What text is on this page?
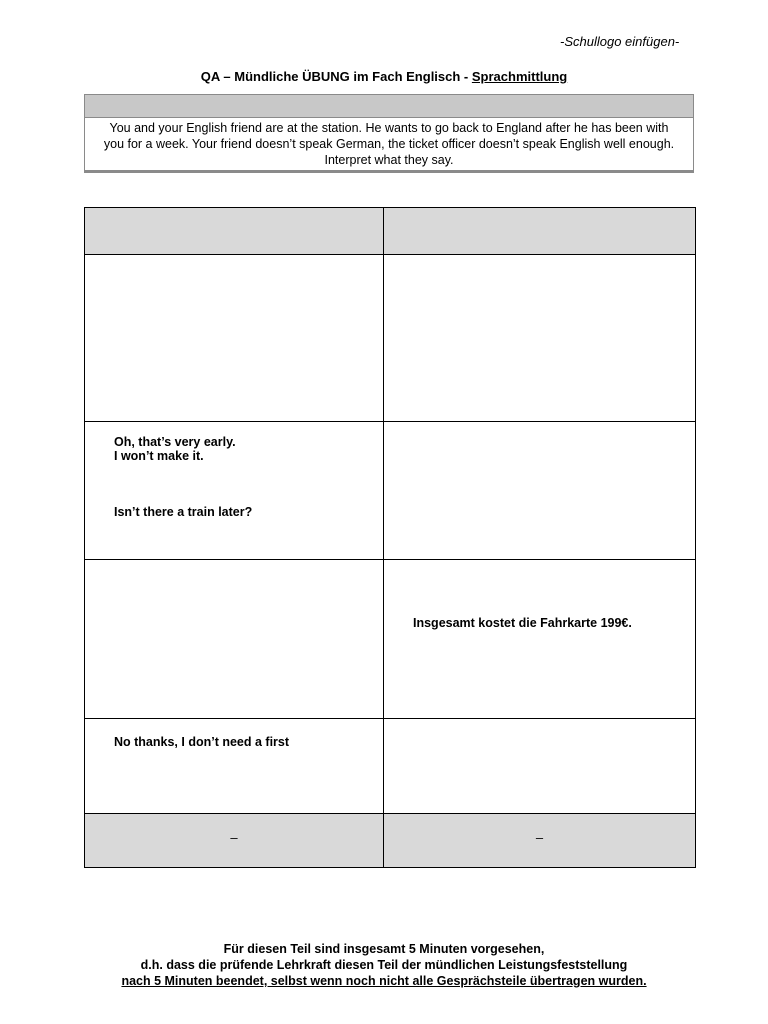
-Schullogo einfügen-
QA – Mündliche ÜBUNG im Fach Englisch - Sprachmittlung
You and your English friend are at the station. He wants to go back to England after he has been with
you for a week. Your friend doesn’t speak German, the ticket officer doesn’t speak English well enough.
Interpret what they say.

Oh, that’s very early.
I won’t make it.
Isn’t there a train later?	

	Insgesamt kostet die Fahrkarte 199€.

No thanks, I don’t need a first	

–	–
Für diesen Teil sind insgesamt 5 Minuten vorgesehen,
d.h. dass die prüfende Lehrkraft diesen Teil der mündlichen Leistungsfeststellung
nach 5 Minuten beendet, selbst wenn noch nicht alle Gesprächsteile übertragen wurden.
